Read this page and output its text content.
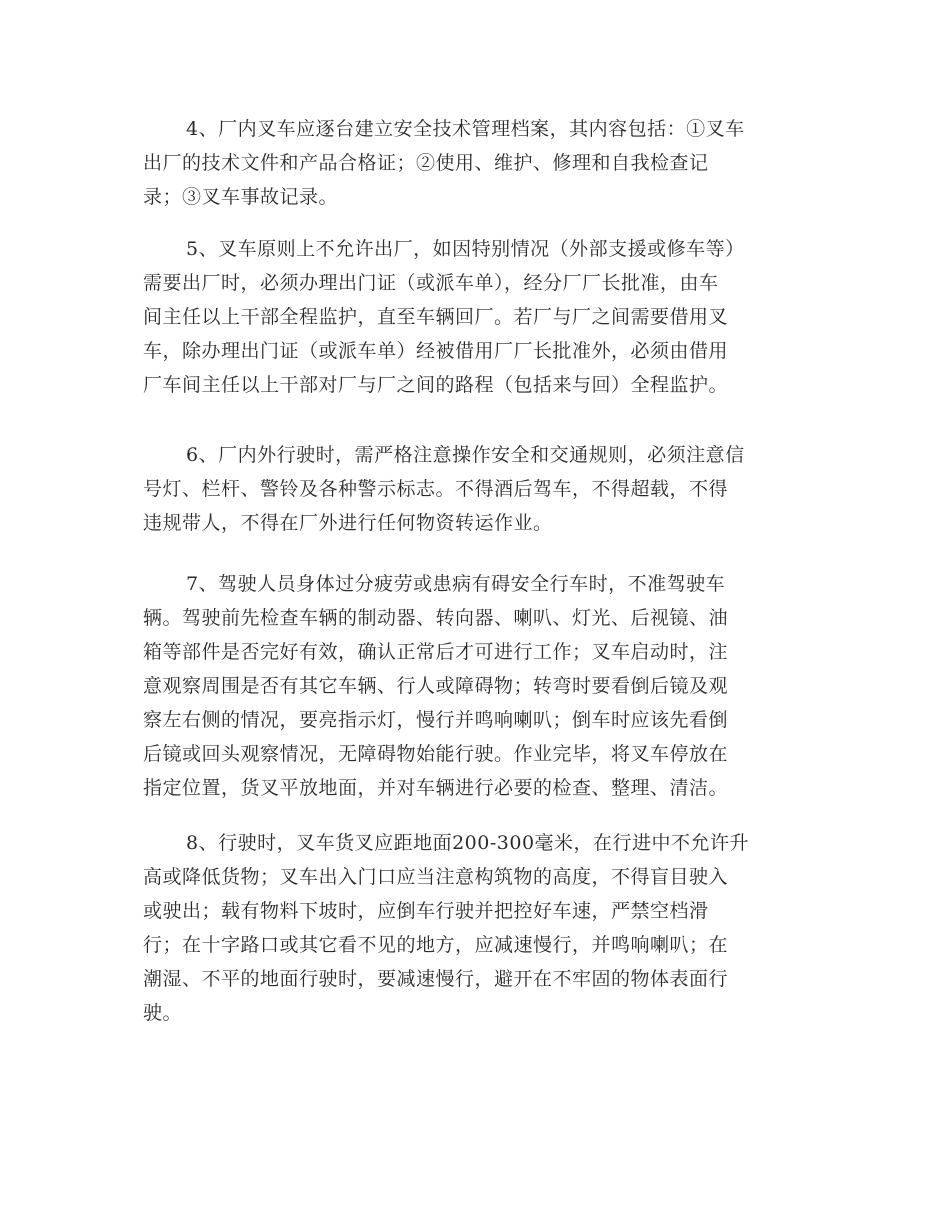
4、厂内叉车应逐台建立安全技术管理档案，其内容包括：①叉车
出厂的技术文件和产品合格证；②使用、维护、修理和自我检查记
录；③叉车事故记录。

5、叉车原则上不允许出厂，如因特别情况（外部支援或修车等）
需要出厂时，必须办理出门证（或派车单），经分厂厂长批准，由车
间主任以上干部全程监护，直至车辆回厂。若厂与厂之间需要借用叉
车，除办理出门证（或派车单）经被借用厂厂长批准外，必须由借用
厂车间主任以上干部对厂与厂之间的路程（包括来与回）全程监护。

6、厂内外行驶时，需严格注意操作安全和交通规则，必须注意信
号灯、栏杆、警铃及各种警示标志。不得酒后驾车，不得超载，不得
违规带人，不得在厂外进行任何物资转运作业。

7、驾驶人员身体过分疲劳或患病有碍安全行车时，不准驾驶车
辆。驾驶前先检查车辆的制动器、转向器、喇叭、灯光、后视镜、油
箱等部件是否完好有效，确认正常后才可进行工作；叉车启动时，注
意观察周围是否有其它车辆、行人或障碍物；转弯时要看倒后镜及观
察左右侧的情况，要亮指示灯，慢行并鸣响喇叭；倒车时应该先看倒
后镜或回头观察情况，无障碍物始能行驶。作业完毕，将叉车停放在
指定位置，货叉平放地面，并对车辆进行必要的检查、整理、清洁。

8、行驶时，叉车货叉应距地面200-300毫米，在行进中不允许升
高或降低货物；叉车出入门口应当注意构筑物的高度，不得盲目驶入
或驶出；载有物料下坡时，应倒车行驶并把控好车速，严禁空档滑
行；在十字路口或其它看不见的地方，应减速慢行，并鸣响喇叭；在
潮湿、不平的地面行驶时，要减速慢行，避开在不牢固的物体表面行
驶。
